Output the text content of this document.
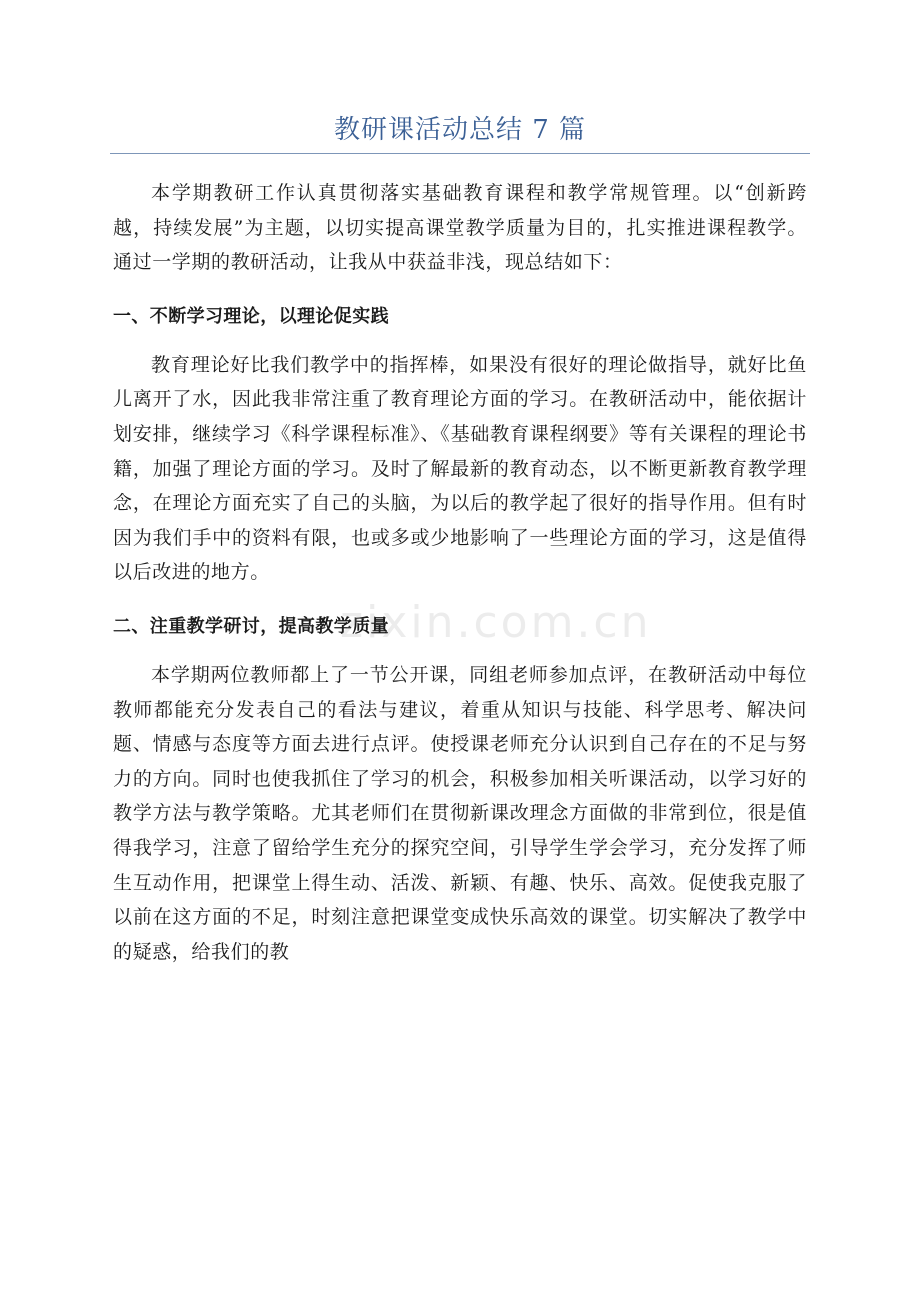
教研课活动总结 7 篇

本学期教研工作认真贯彻落实基础教育课程和教学常规管理。以“创新跨越，持续发展”为主题，以切实提高课堂教学质量为目的，扎实推进课程教学。通过一学期的教研活动，让我从中获益非浅，现总结如下：

一、不断学习理论，以理论促实践

教育理论好比我们教学中的指挥棒，如果没有很好的理论做指导，就好比鱼儿离开了水，因此我非常注重了教育理论方面的学习。在教研活动中，能依据计划安排，继续学习《科学课程标准》、《基础教育课程纲要》等有关课程的理论书籍，加强了理论方面的学习。及时了解最新的教育动态，以不断更新教育教学理念，在理论方面充实了自己的头脑，为以后的教学起了很好的指导作用。但有时因为我们手中的资料有限，也或多或少地影响了一些理论方面的学习，这是值得以后改进的地方。

二、注重教学研讨，提高教学质量

本学期两位教师都上了一节公开课，同组老师参加点评，在教研活动中每位教师都能充分发表自己的看法与建议，着重从知识与技能、科学思考、解决问题、情感与态度等方面去进行点评。使授课老师充分认识到自己存在的不足与努力的方向。同时也使我抓住了学习的机会，积极参加相关听课活动，以学习好的教学方法与教学策略。尤其老师们在贯彻新课改理念方面做的非常到位，很是值得我学习，注意了留给学生充分的探究空间，引导学生学会学习，充分发挥了师生互动作用，把课堂上得生动、活泼、新颖、有趣、快乐、高效。促使我克服了以前在这方面的不足，时刻注意把课堂变成快乐高效的课堂。切实解决了教学中的疑惑，给我们的教

zixin.com.cn
